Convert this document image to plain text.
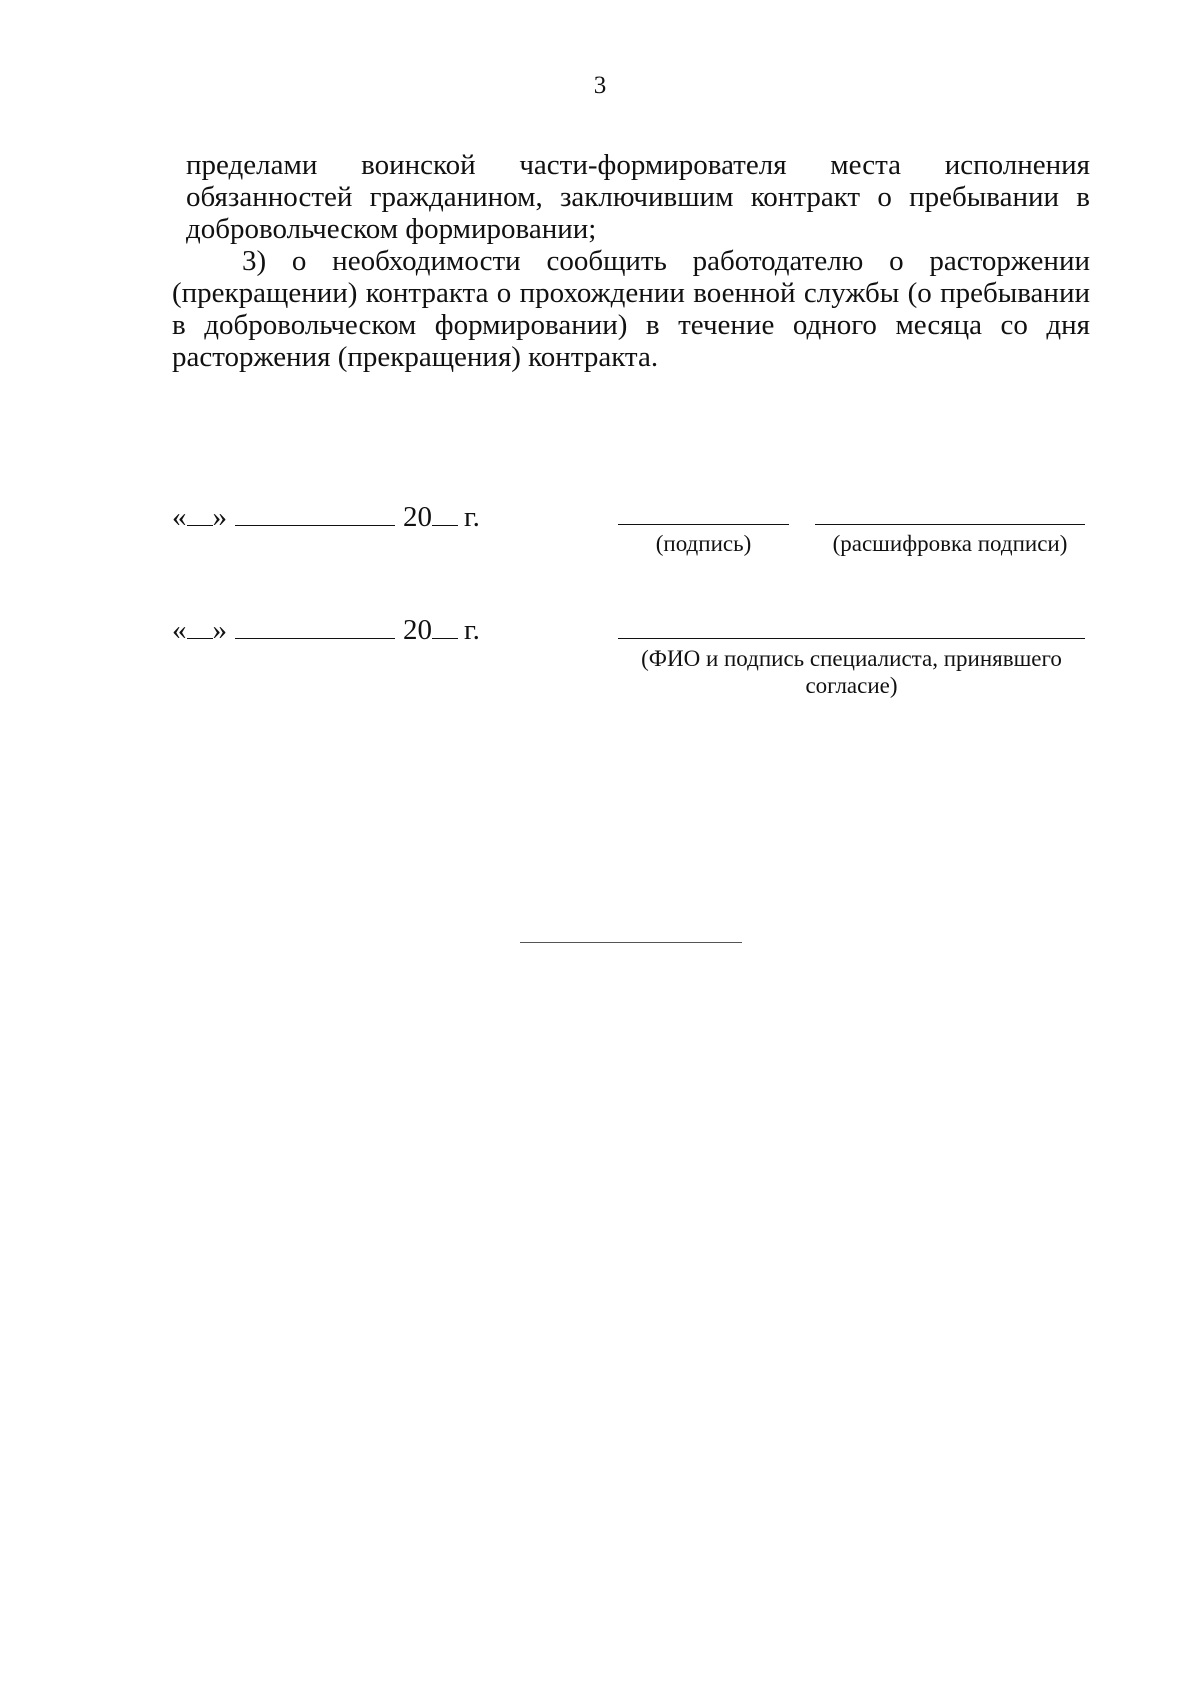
3

пределами воинской части-формирователя места исполнения обязанностей гражданином, заключившим контракт о пребывании в добровольческом формировании;

3) о необходимости сообщить работодателю о расторжении (прекращении) контракта о прохождении военной службы (о пребывании в добровольческом формировании) в течение одного месяца со дня расторжения (прекращения) контракта.

« »	20 г.
(подпись)	(расшифровка подписи)
« »	20 г.
(ФИО и подпись специалиста, принявшего согласие)
